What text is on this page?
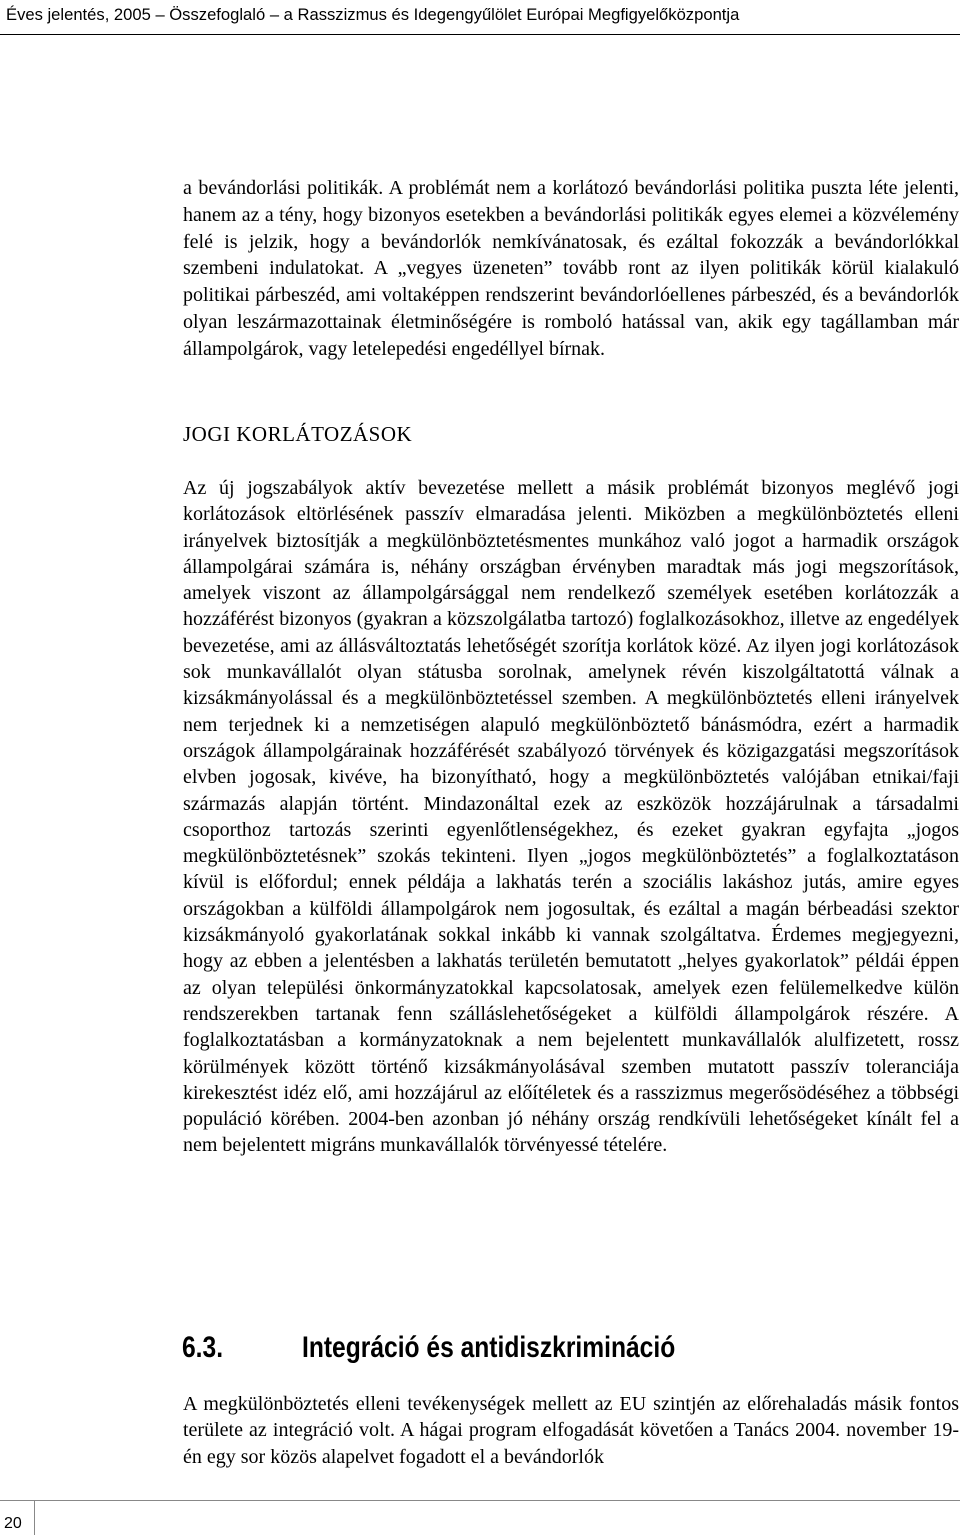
Éves jelentés, 2005 – Összefoglaló – a Rasszizmus és Idegengyűlölet Európai Megfigyelőközpontja

a bevándorlási politikák. A problémát nem a korlátozó bevándorlási politika puszta léte jelenti, hanem az a tény, hogy bizonyos esetekben a bevándorlási politikák egyes elemei a közvélemény felé is jelzik, hogy a bevándorlók nemkívánatosak, és ezáltal fokozzák a bevándorlókkal szembeni indulatokat. A „vegyes üzeneten” tovább ront az ilyen politikák körül kialakuló politikai párbeszéd, ami voltaképpen rendszerint bevándorlóellenes párbeszéd, és a bevándorlók olyan leszármazottainak életminőségére is romboló hatással van, akik egy tagállamban már állampolgárok, vagy letelepedési engedéllyel bírnak.

JOGI KORLÁTOZÁSOK

Az új jogszabályok aktív bevezetése mellett a másik problémát bizonyos meglévő jogi korlátozások eltörlésének passzív elmaradása jelenti. Miközben a megkülönböztetés elleni irányelvek biztosítják a megkülönböztetésmentes munkához való jogot a harmadik országok állampolgárai számára is, néhány országban érvényben maradtak más jogi megszorítások, amelyek viszont az állampolgársággal nem rendelkező személyek esetében korlátozzák a hozzáférést bizonyos (gyakran a közszolgálatba tartozó) foglalkozásokhoz, illetve az engedélyek bevezetése, ami az állásváltoztatás lehetőségét szorítja korlátok közé. Az ilyen jogi korlátozások sok munkavállalót olyan státusba sorolnak, amelynek révén kiszolgáltatottá válnak a kizsákmányolással és a megkülönböztetéssel szemben. A megkülönböztetés elleni irányelvek nem terjednek ki a nemzetiségen alapuló megkülönböztető bánásmódra, ezért a harmadik országok állampolgárainak hozzáférését szabályozó törvények és közigazgatási megszorítások elvben jogosak, kivéve, ha bizonyítható, hogy a megkülönböztetés valójában etnikai/faji származás alapján történt. Mindazonáltal ezek az eszközök hozzájárulnak a társadalmi csoporthoz tartozás szerinti egyenlőtlenségekhez, és ezeket gyakran egyfajta „jogos megkülönböztetésnek” szokás tekinteni. Ilyen „jogos megkülönböztetés” a foglalkoztatáson kívül is előfordul; ennek példája a lakhatás terén a szociális lakáshoz jutás, amire egyes országokban a külföldi állampolgárok nem jogosultak, és ezáltal a magán bérbeadási szektor kizsákmányoló gyakorlatának sokkal inkább ki vannak szolgáltatva. Érdemes megjegyezni, hogy az ebben a jelentésben a lakhatás területén bemutatott „helyes gyakorlatok” példái éppen az olyan települési önkormányzatokkal kapcsolatosak, amelyek ezen felülemelkedve külön rendszerekben tartanak fenn szálláslehetőségeket a külföldi állampolgárok részére. A foglalkoztatásban a kormányzatoknak a nem bejelentett munkavállalók alulfizetett, rossz körülmények között történő kizsákmányolásával szemben mutatott passzív toleranciája kirekesztést idéz elő, ami hozzájárul az előítéletek és a rasszizmus megerősödéséhez a többségi populáció körében. 2004-ben azonban jó néhány ország rendkívüli lehetőségeket kínált fel a nem bejelentett migráns munkavállalók törvényessé tételére.

6.3.	Integráció és antidiszkrimináció

A megkülönböztetés elleni tevékenységek mellett az EU szintjén az előrehaladás másik fontos területe az integráció volt. A hágai program elfogadását követően a Tanács 2004. november 19-én egy sor közös alapelvet fogadott el a bevándorlók

20
